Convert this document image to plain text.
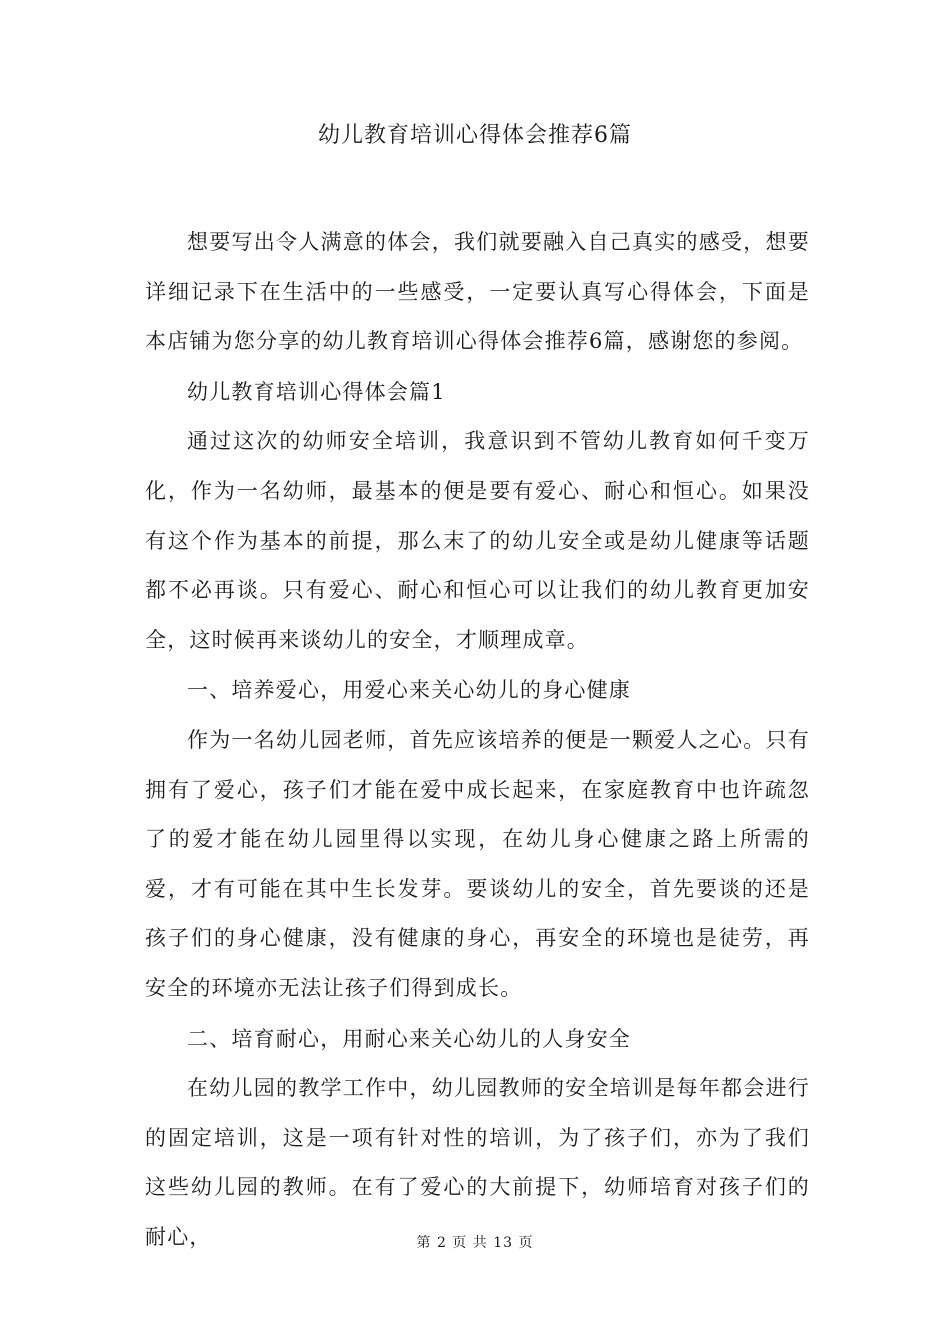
幼儿教育培训心得体会推荐6篇

想要写出令人满意的体会，我们就要融入自己真实的感受，想要详细记录下在生活中的一些感受，一定要认真写心得体会，下面是本店铺为您分享的幼儿教育培训心得体会推荐6篇，感谢您的参阅。

幼儿教育培训心得体会篇1

通过这次的幼师安全培训，我意识到不管幼儿教育如何千变万化，作为一名幼师，最基本的便是要有爱心、耐心和恒心。如果没有这个作为基本的前提，那么末了的幼儿安全或是幼儿健康等话题都不必再谈。只有爱心、耐心和恒心可以让我们的幼儿教育更加安全，这时候再来谈幼儿的安全，才顺理成章。

一、培养爱心，用爱心来关心幼儿的身心健康

作为一名幼儿园老师，首先应该培养的便是一颗爱人之心。只有拥有了爱心，孩子们才能在爱中成长起来，在家庭教育中也许疏忽了的爱才能在幼儿园里得以实现，在幼儿身心健康之路上所需的爱，才有可能在其中生长发芽。要谈幼儿的安全，首先要谈的还是孩子们的身心健康，没有健康的身心，再安全的环境也是徒劳，再安全的环境亦无法让孩子们得到成长。

二、培育耐心，用耐心来关心幼儿的人身安全

在幼儿园的教学工作中，幼儿园教师的安全培训是每年都会进行的固定培训，这是一项有针对性的培训，为了孩子们，亦为了我们这些幼儿园的教师。在有了爱心的大前提下，幼师培育对孩子们的耐心，	第 2 页 共 13 页
